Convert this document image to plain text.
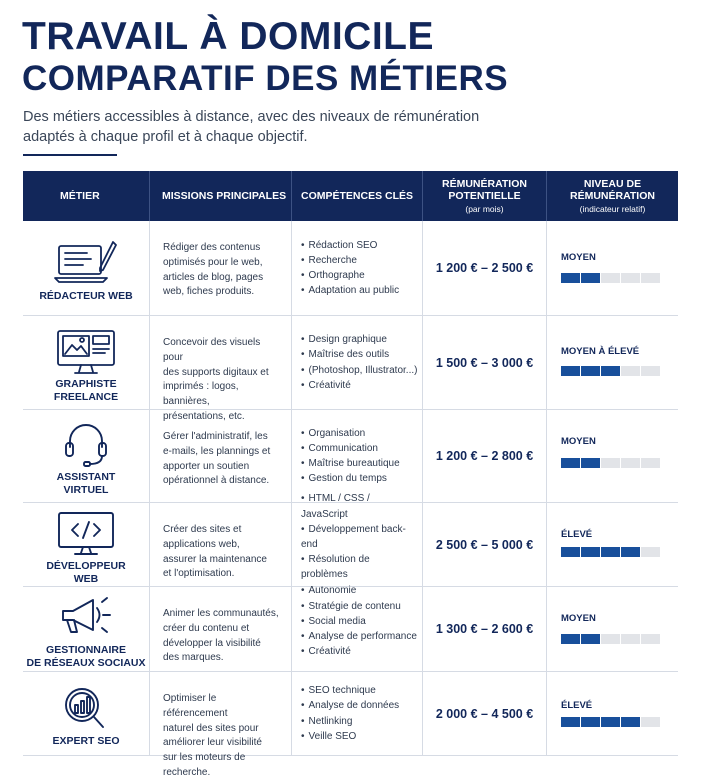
TRAVAIL À DOMICILE
COMPARATIF DES MÉTIERS
Des métiers accessibles à distance, avec des niveaux de rémunération
adaptés à chaque profil et à chaque objectif.
MÉTIER	MISSIONS PRINCIPALES	COMPÉTENCES CLÉS
RÉMUNÉRATION
POTENTIELLE
(par mois)
NIVEAU DE
RÉMUNÉRATION
(indicateur relatif)
RÉDACTEUR WEB
Rédiger des contenus
optimisés pour le web,
articles de blog, pages
web, fiches produits.
• Rédaction SEO
• Recherche
• Orthographe
• Adaptation au public
1 200 € – 2 500 €
MOYEN
GRAPHISTE
FREELANCE
Concevoir des visuels pour
des supports digitaux et
imprimés : logos, bannières,
présentations, etc.
• Design graphique
• Maîtrise des outils
• (Photoshop, Illustrator...)
• Créativité
1 500 € – 3 000 €
MOYEN À ÉLEVÉ
ASSISTANT
VIRTUEL
Gérer l'administratif, les
e-mails, les plannings et
apporter un soutien
opérationnel à distance.
• Organisation
• Communication
• Maîtrise bureautique
• Gestion du temps
1 200 € – 2 800 €
MOYEN
DÉVELOPPEUR
WEB
Créer des sites et
applications web,
assurer la maintenance
et l'optimisation.
• HTML / CSS / JavaScript
• Développement back-end
• Résolution de problèmes
• Autonomie
2 500 € – 5 000 €
ÉLEVÉ
GESTIONNAIRE
DE RÉSEAUX SOCIAUX
Animer les communautés,
créer du contenu et
développer la visibilité
des marques.
• Stratégie de contenu
• Social media
• Analyse de performance
• Créativité
1 300 € – 2 600 €
MOYEN
EXPERT SEO
Optimiser le référencement
naturel des sites pour
améliorer leur visibilité
sur les moteurs de
recherche.
• SEO technique
• Analyse de données
• Netlinking
• Veille SEO
2 000 € – 4 500 €
ÉLEVÉ
